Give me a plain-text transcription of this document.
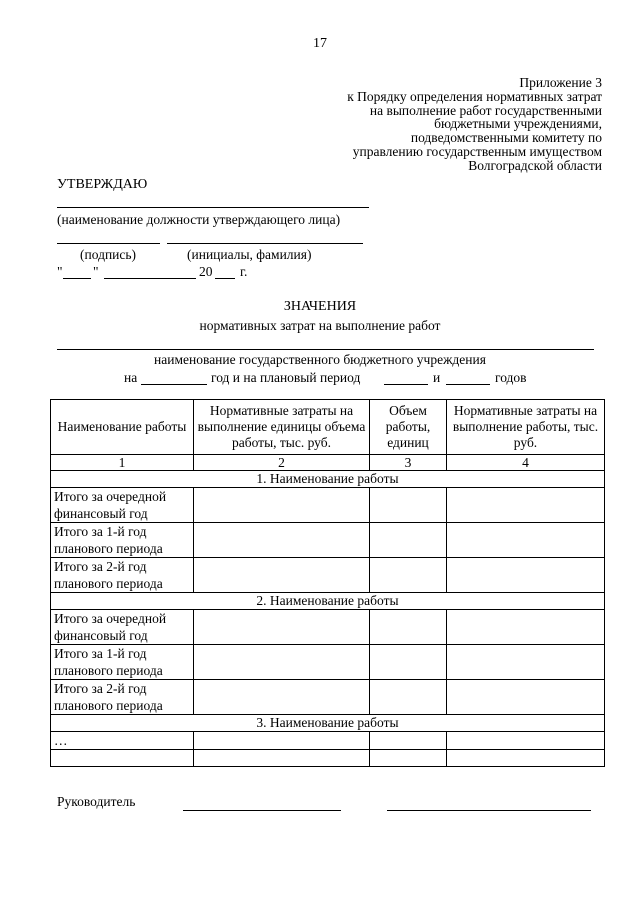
17
Приложение 3
к Порядку определения нормативных затрат
на выполнение работ государственными
бюджетными учреждениями,
подведомственными комитету по
управлению государственным имуществом
Волгоградской области
УТВЕРЖДАЮ
(наименование должности утверждающего лица)
(подпись)	(инициалы, фамилия)
" "	20 г.
ЗНАЧЕНИЯ
нормативных затрат на выполнение работ
наименование государственного бюджетного учреждения
на	год и на плановый период	и	годов
Наименование работы	Нормативные затраты на выполнение единицы объема работы, тыс. руб.	Объем работы, единиц	Нормативные затраты на выполнение работы, тыс. руб.
1	2	3	4
1. Наименование работы			
Итого за очередной финансовый год			
Итого за 1-й год планового периода			
Итого за 2-й год планового периода			
2. Наименование работы			
Итого за очередной финансовый год			
Итого за 1-й год планового периода			
Итого за 2-й год планового периода			
3. Наименование работы			
…			

Руководитель
